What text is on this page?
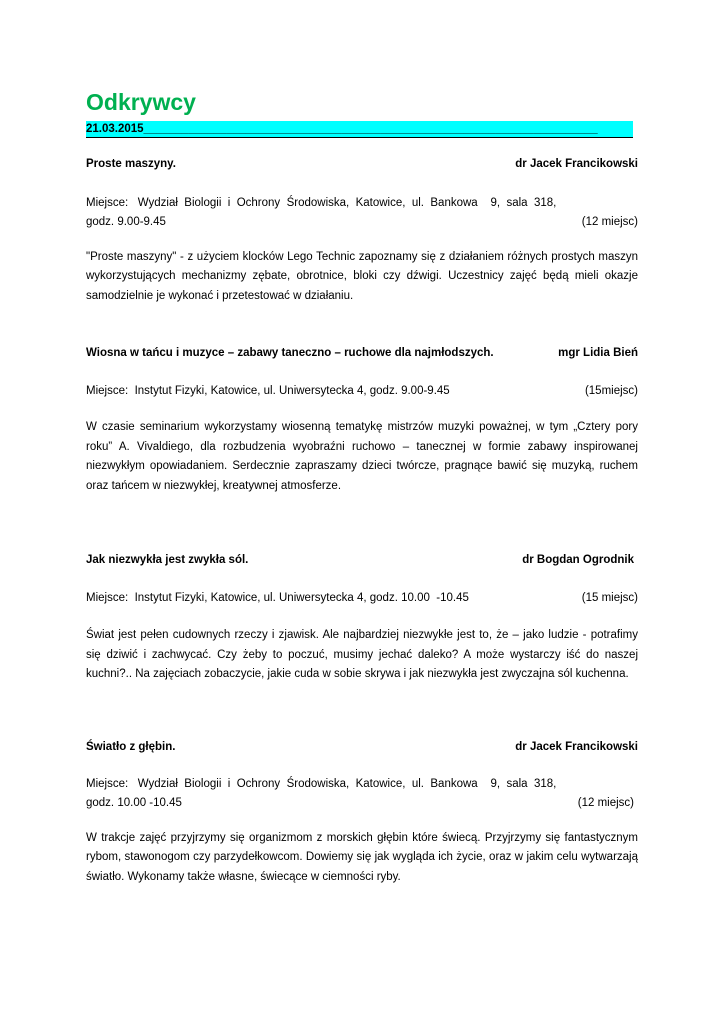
Odkrywcy
21.03.2015_______________________________________________________________________
Proste maszyny.	dr Jacek Francikowski
Miejsce:   Wydział  Biologii  i  Ochrony  Środowiska,  Katowice,  ul.  Bankowa    9,  sala  318,
godz. 9.00-9.45	(12 miejsc)
"Proste maszyny" - z użyciem klocków Lego Technic zapoznamy się z działaniem różnych prostych maszyn wykorzystujących mechanizmy zębate, obrotnice, bloki czy dźwigi. Uczestnicy zajęć będą mieli okazje samodzielnie je wykonać i przetestować w działaniu.
Wiosna w tańcu i muzyce – zabawy taneczno – ruchowe dla najmłodszych.	mgr Lidia Bień
Miejsce:  Instytut Fizyki, Katowice, ul. Uniwersytecka 4, godz. 9.00-9.45	(15miejsc)
W czasie seminarium wykorzystamy wiosenną tematykę mistrzów muzyki poważnej, w tym „Cztery pory roku” A. Vivaldiego, dla rozbudzenia wyobraźni ruchowo – tanecznej w formie zabawy inspirowanej niezwykłym opowiadaniem. Serdecznie zapraszamy dzieci twórcze, pragnące bawić się muzyką, ruchem oraz tańcem w niezwykłej, kreatywnej atmosferze.
Jak niezwykła jest zwykła sól.	dr Bogdan Ogrodnik
Miejsce:  Instytut Fizyki, Katowice, ul. Uniwersytecka 4, godz. 10.00  -10.45	(15 miejsc)
Świat jest pełen cudownych rzeczy i zjawisk. Ale najbardziej niezwykłe jest to, że – jako ludzie - potrafimy się dziwić i zachwycać. Czy żeby to poczuć, musimy jechać daleko? A może wystarczy iść do naszej kuchni?.. Na zajęciach zobaczycie, jakie cuda w sobie skrywa i jak niezwykła jest zwyczajna sól kuchenna.
Światło z głębin.	dr Jacek Francikowski
Miejsce:   Wydział  Biologii  i  Ochrony  Środowiska,  Katowice,  ul.  Bankowa    9,  sala  318,
godz. 10.00 -10.45	(12 miejsc)
W trakcje zajęć przyjrzymy się organizmom z morskich głębin które świecą. Przyjrzymy się fantastycznym rybom, stawonogom czy parzydełkowcom. Dowiemy się jak wygląda ich życie, oraz w jakim celu wytwarzają światło. Wykonamy także własne, świecące w ciemności ryby.
